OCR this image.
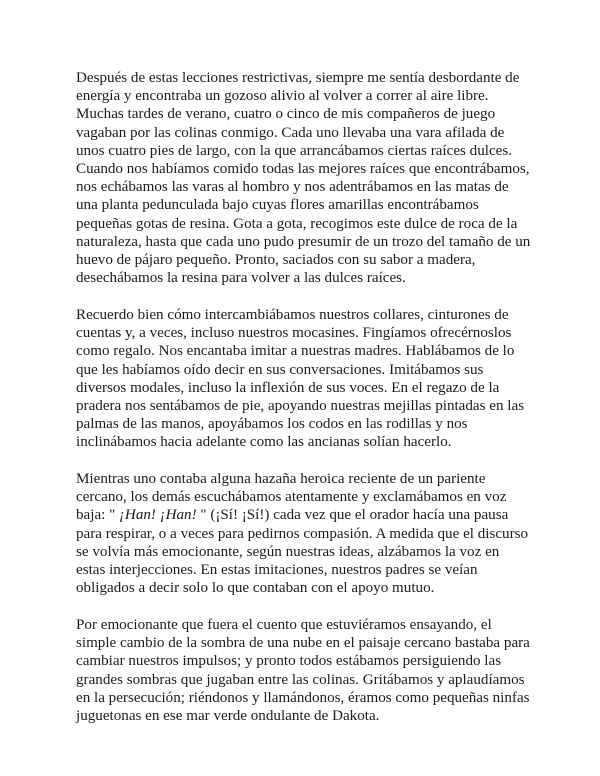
Después de estas lecciones restrictivas, siempre me sentía desbordante de energía y encontraba un gozoso alivio al volver a correr al aire libre. Muchas tardes de verano, cuatro o cinco de mis compañeros de juego vagaban por las colinas conmigo. Cada uno llevaba una vara afilada de unos cuatro pies de largo, con la que arrancábamos ciertas raíces dulces. Cuando nos habíamos comido todas las mejores raíces que encontrábamos, nos echábamos las varas al hombro y nos adentrábamos en las matas de una planta pedunculada bajo cuyas flores amarillas encontrábamos pequeñas gotas de resina. Gota a gota, recogimos este dulce de roca de la naturaleza, hasta que cada uno pudo presumir de un trozo del tamaño de un huevo de pájaro pequeño. Pronto, saciados con su sabor a madera, desechábamos la resina para volver a las dulces raíces.

Recuerdo bien cómo intercambiábamos nuestros collares, cinturones de cuentas y, a veces, incluso nuestros mocasines. Fingíamos ofrecérnoslos como regalo. Nos encantaba imitar a nuestras madres. Hablábamos de lo que les habíamos oído decir en sus conversaciones. Imitábamos sus diversos modales, incluso la inflexión de sus voces. En el regazo de la pradera nos sentábamos de pie, apoyando nuestras mejillas pintadas en las palmas de las manos, apoyábamos los codos en las rodillas y nos inclinábamos hacia adelante como las ancianas solían hacerlo.

Mientras uno contaba alguna hazaña heroica reciente de un pariente cercano, los demás escuchábamos atentamente y exclamábamos en voz baja: " ¡Han! ¡Han! " (¡Sí! ¡Sí!) cada vez que el orador hacía una pausa para respirar, o a veces para pedirnos compasión. A medida que el discurso se volvía más emocionante, según nuestras ideas, alzábamos la voz en estas interjecciones. En estas imitaciones, nuestros padres se veían obligados a decir solo lo que contaban con el apoyo mutuo.

Por emocionante que fuera el cuento que estuviéramos ensayando, el simple cambio de la sombra de una nube en el paisaje cercano bastaba para cambiar nuestros impulsos; y pronto todos estábamos persiguiendo las grandes sombras que jugaban entre las colinas. Gritábamos y aplaudíamos en la persecución; riéndonos y llamándonos, éramos como pequeñas ninfas juguetonas en ese mar verde ondulante de Dakota.
